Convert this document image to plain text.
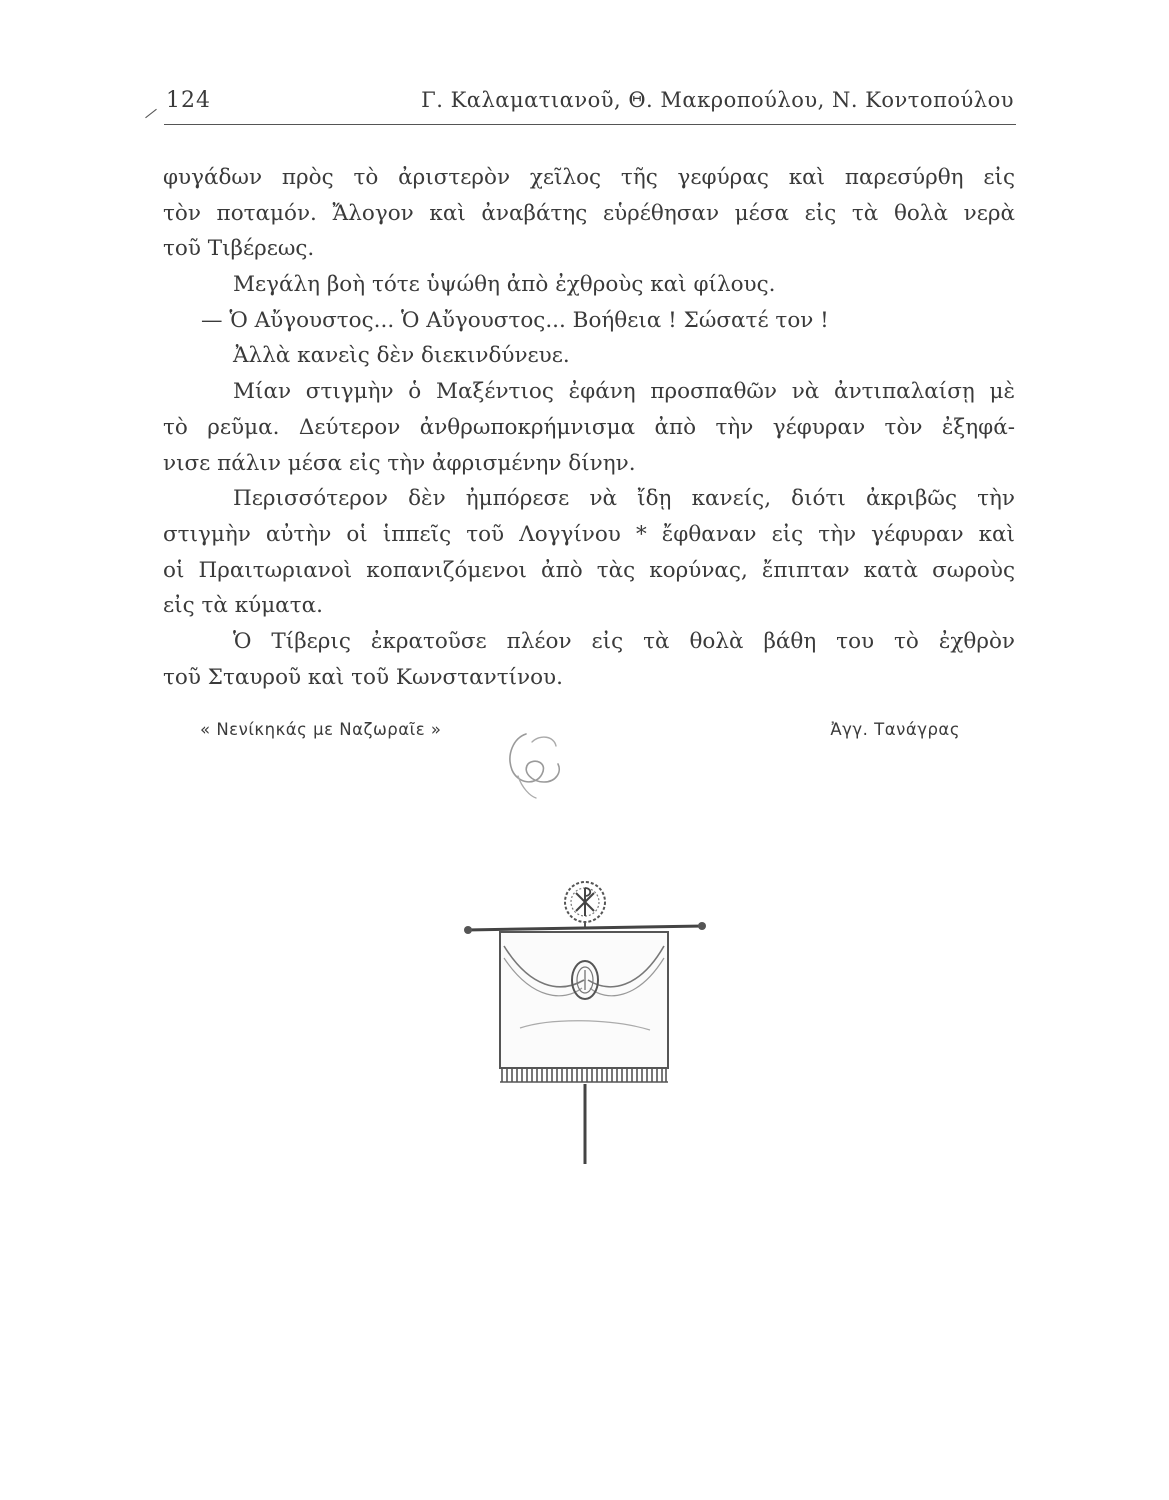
124	Γ. Καλαματιανοῦ, Θ. Μακροπούλου, Ν. Κοντοπούλου
φυγάδων πρὸς τὸ ἀριστερὸν χεῖλος τῆς γεφύρας καὶ παρεσύρθη εἰς
τὸν ποταμόν. Ἄλογον καὶ ἀναβάτης εὑρέθησαν μέσα εἰς τὰ θολὰ νερὰ
τοῦ Τιβέρεως.
Μεγάλη βοὴ τότε ὑψώθη ἀπὸ ἐχθροὺς καὶ φίλους.
— Ὁ Αὔγουστος... Ὁ Αὔγουστος... Βοήθεια ! Σώσατέ τον !
Ἀλλὰ κανεὶς δὲν διεκινδύνευε.
Μίαν στιγμὴν ὁ Μαξέντιος ἐφάνη προσπαθῶν νὰ ἀντιπαλαίσῃ μὲ
τὸ ρεῦμα. Δεύτερον ἀνθρωποκρήμνισμα ἀπὸ τὴν γέφυραν τὸν ἐξηφά-
νισε πάλιν μέσα εἰς τὴν ἀφρισμένην δίνην.
Περισσότερον δὲν ἠμπόρεσε νὰ ἴδῃ κανείς, διότι ἀκριβῶς τὴν
στιγμὴν αὐτὴν οἱ ἱππεῖς τοῦ Λογγίνου * ἔφθαναν εἰς τὴν γέφυραν καὶ
οἱ Πραιτωριανοὶ κοπανιζόμενοι ἀπὸ τὰς κορύνας, ἔπιπταν κατὰ σωροὺς
εἰς τὰ κύματα.
Ὁ Τίβερις ἐκρατοῦσε πλέον εἰς τὰ θολὰ βάθη του τὸ ἐχθρὸν
τοῦ Σταυροῦ καὶ τοῦ Κωνσταντίνου.
« Νενίκηκάς με Ναζωραῖε »	Ἀγγ. Τανάγρας
